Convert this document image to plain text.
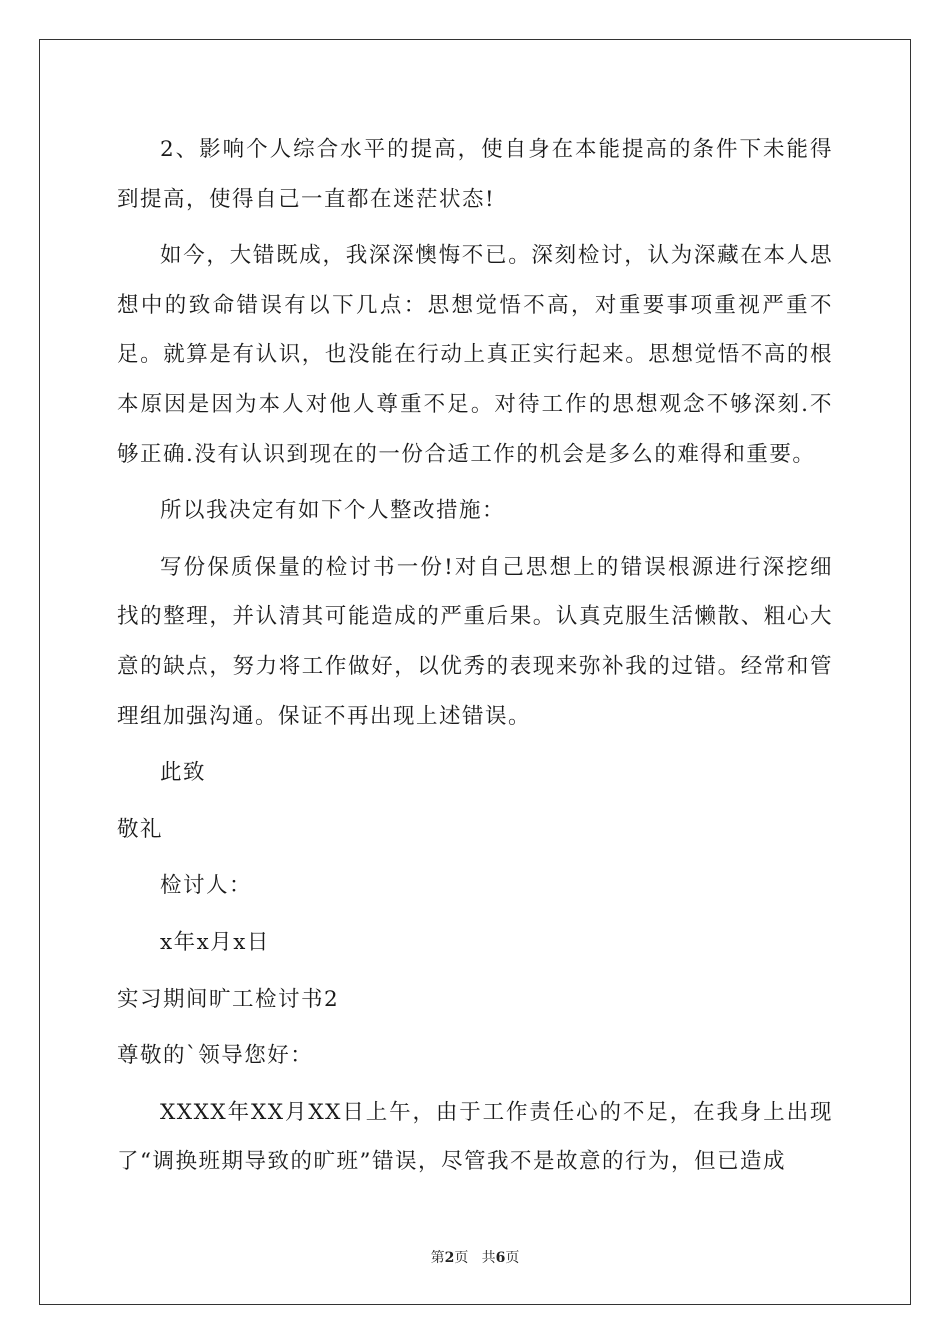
2、影响个人综合水平的提高，使自身在本能提高的条件下未能得到提高，使得自己一直都在迷茫状态!

如今，大错既成，我深深懊悔不已。深刻检讨，认为深藏在本人思想中的致命错误有以下几点：思想觉悟不高，对重要事项重视严重不足。就算是有认识，也没能在行动上真正实行起来。思想觉悟不高的根本原因是因为本人对他人尊重不足。对待工作的思想观念不够深刻.不够正确.没有认识到现在的一份合适工作的机会是多么的难得和重要。

所以我决定有如下个人整改措施：

写份保质保量的检讨书一份!对自己思想上的错误根源进行深挖细找的整理，并认清其可能造成的严重后果。认真克服生活懒散、粗心大意的缺点，努力将工作做好，以优秀的表现来弥补我的过错。经常和管理组加强沟通。保证不再出现上述错误。

此致

敬礼

检讨人：

x年x月x日

实习期间旷工检讨书2

尊敬的`领导您好：

XXXX年XX月XX日上午，由于工作责任心的不足，在我身上出现了“调换班期导致的旷班”错误，尽管我不是故意的行为，但已造成

第2页 共6页
